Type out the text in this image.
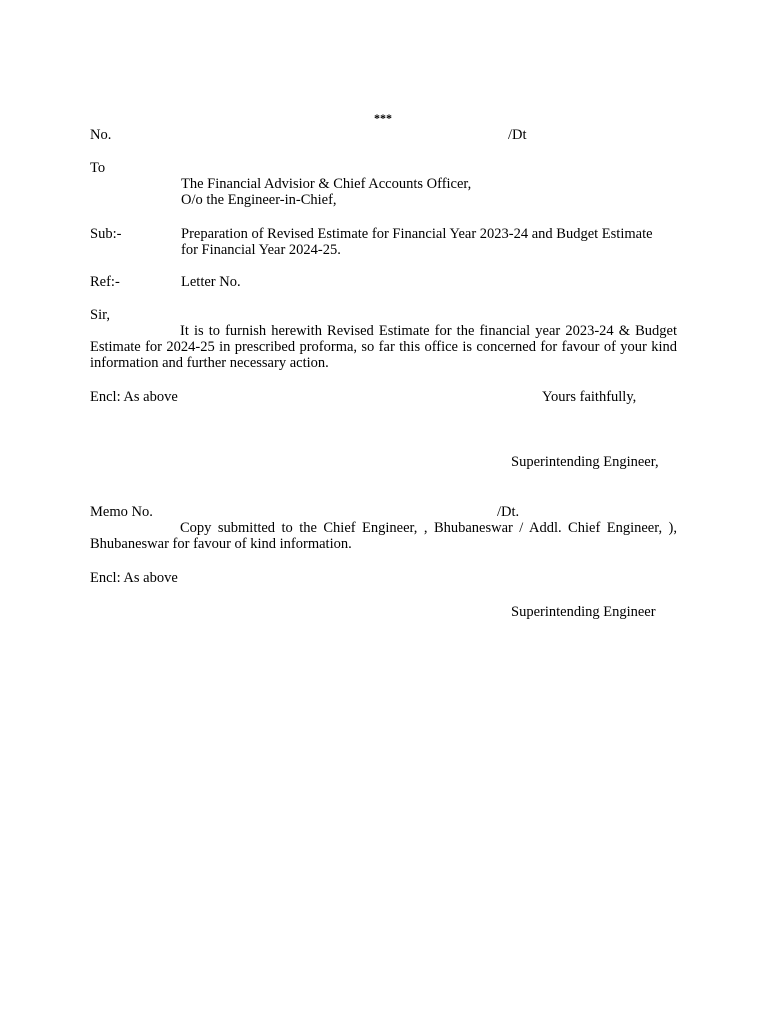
***
No.	/Dt
To
The Financial Advisior & Chief Accounts Officer,
O/o the Engineer-in-Chief,
Sub:-	Preparation of Revised Estimate for Financial Year 2023-24 and Budget Estimate
for Financial Year 2024-25.
Ref:-	Letter No.
Sir,
It is to furnish herewith Revised Estimate for the financial year 2023-24 & Budget Estimate for 2024-25 in prescribed proforma, so far this office is concerned for favour of your kind information and further necessary action.
Encl: As above	Yours faithfully,
Superintending Engineer,
Memo No.	/Dt.
Copy submitted to the Chief Engineer, , Bhubaneswar / Addl. Chief Engineer, ), Bhubaneswar for favour of kind information.
Encl: As above
Superintending Engineer
